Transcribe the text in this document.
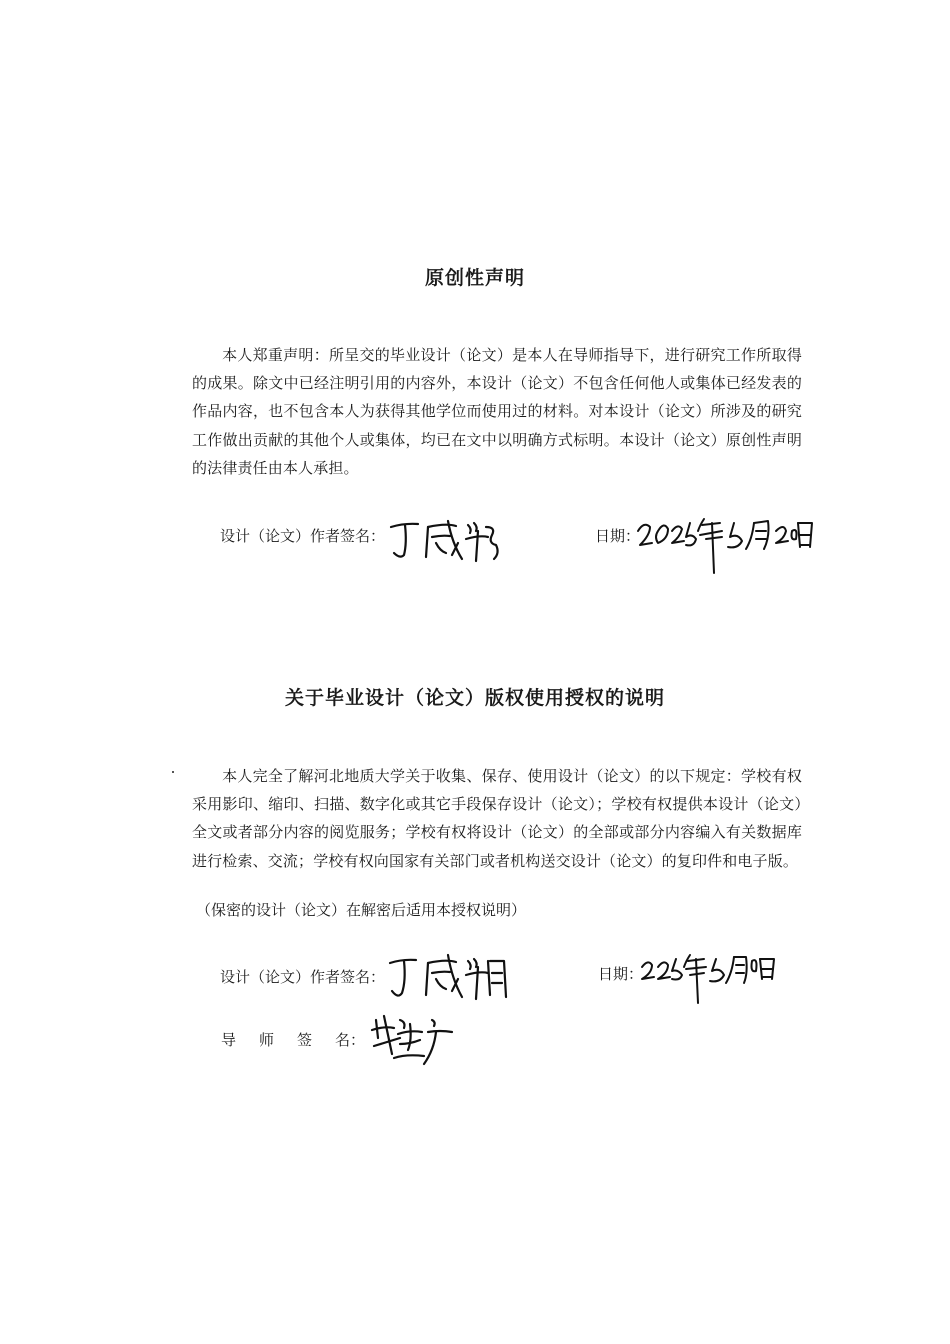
原创性声明
本人郑重声明：所呈交的毕业设计（论文）是本人在导师指导下，进行研究工作所取得的成果。除文中已经注明引用的内容外，本设计（论文）不包含任何他人或集体已经发表的作品内容，也不包含本人为获得其他学位而使用过的材料。对本设计（论文）所涉及的研究工作做出贡献的其他个人或集体，均已在文中以明确方式标明。本设计（论文）原创性声明的法律责任由本人承担。
设计（论文）作者签名：	日期：
关于毕业设计（论文）版权使用授权的说明
本人完全了解河北地质大学关于收集、保存、使用设计（论文）的以下规定：学校有权采用影印、缩印、扫描、数字化或其它手段保存设计（论文）；学校有权提供本设计（论文）全文或者部分内容的阅览服务；学校有权将设计（论文）的全部或部分内容编入有关数据库进行检索、交流；学校有权向国家有关部门或者机构送交设计（论文）的复印件和电子版。
（保密的设计（论文）在解密后适用本授权说明）
设计（论文）作者签名：	日期：
导 师 签 名：
